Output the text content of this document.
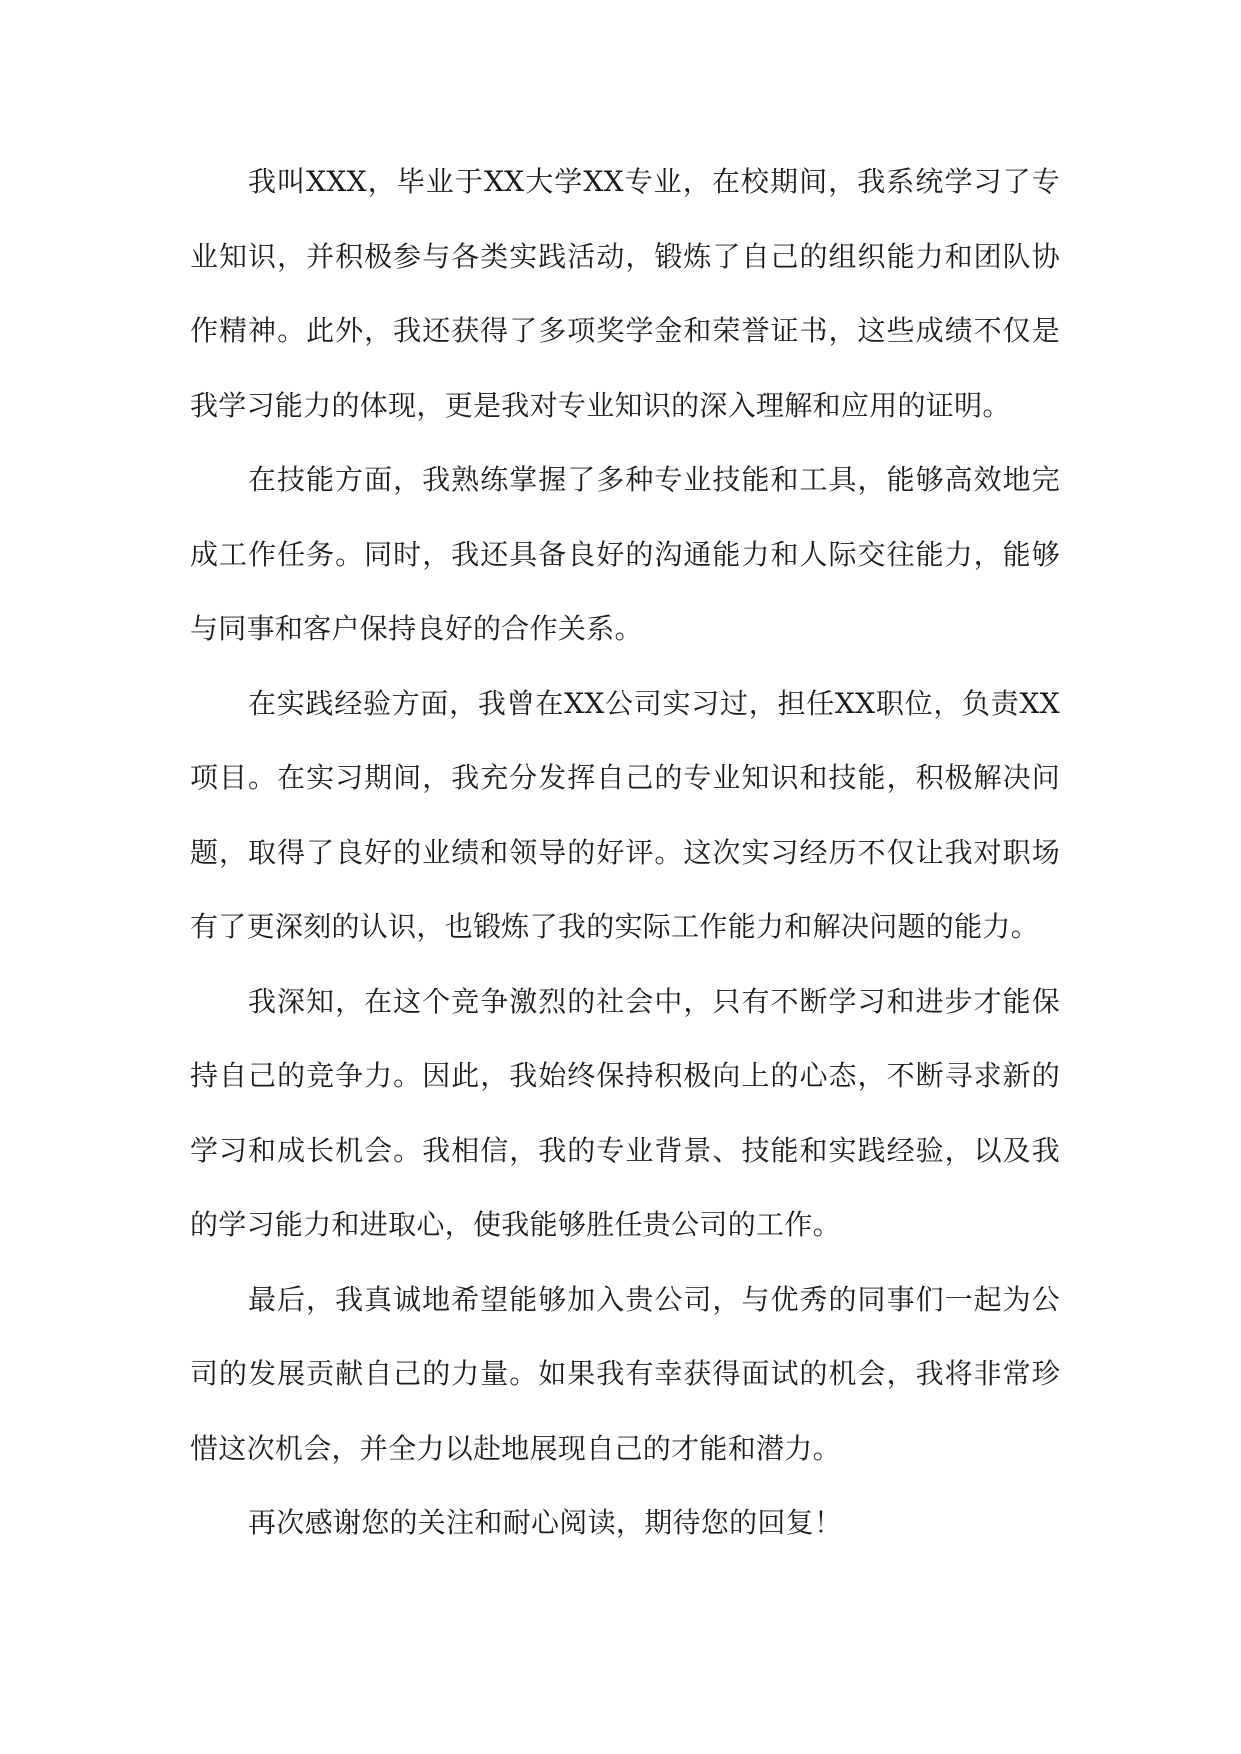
我叫XXX，毕业于XX大学XX专业，在校期间，我系统学习了专业知识，并积极参与各类实践活动，锻炼了自己的组织能力和团队协作精神。此外，我还获得了多项奖学金和荣誉证书，这些成绩不仅是我学习能力的体现，更是我对专业知识的深入理解和应用的证明。

在技能方面，我熟练掌握了多种专业技能和工具，能够高效地完成工作任务。同时，我还具备良好的沟通能力和人际交往能力，能够与同事和客户保持良好的合作关系。

在实践经验方面，我曾在XX公司实习过，担任XX职位，负责XX项目。在实习期间，我充分发挥自己的专业知识和技能，积极解决问题，取得了良好的业绩和领导的好评。这次实习经历不仅让我对职场有了更深刻的认识，也锻炼了我的实际工作能力和解决问题的能力。

我深知，在这个竞争激烈的社会中，只有不断学习和进步才能保持自己的竞争力。因此，我始终保持积极向上的心态，不断寻求新的学习和成长机会。我相信，我的专业背景、技能和实践经验，以及我的学习能力和进取心，使我能够胜任贵公司的工作。

最后，我真诚地希望能够加入贵公司，与优秀的同事们一起为公司的发展贡献自己的力量。如果我有幸获得面试的机会，我将非常珍惜这次机会，并全力以赴地展现自己的才能和潜力。

再次感谢您的关注和耐心阅读，期待您的回复！
